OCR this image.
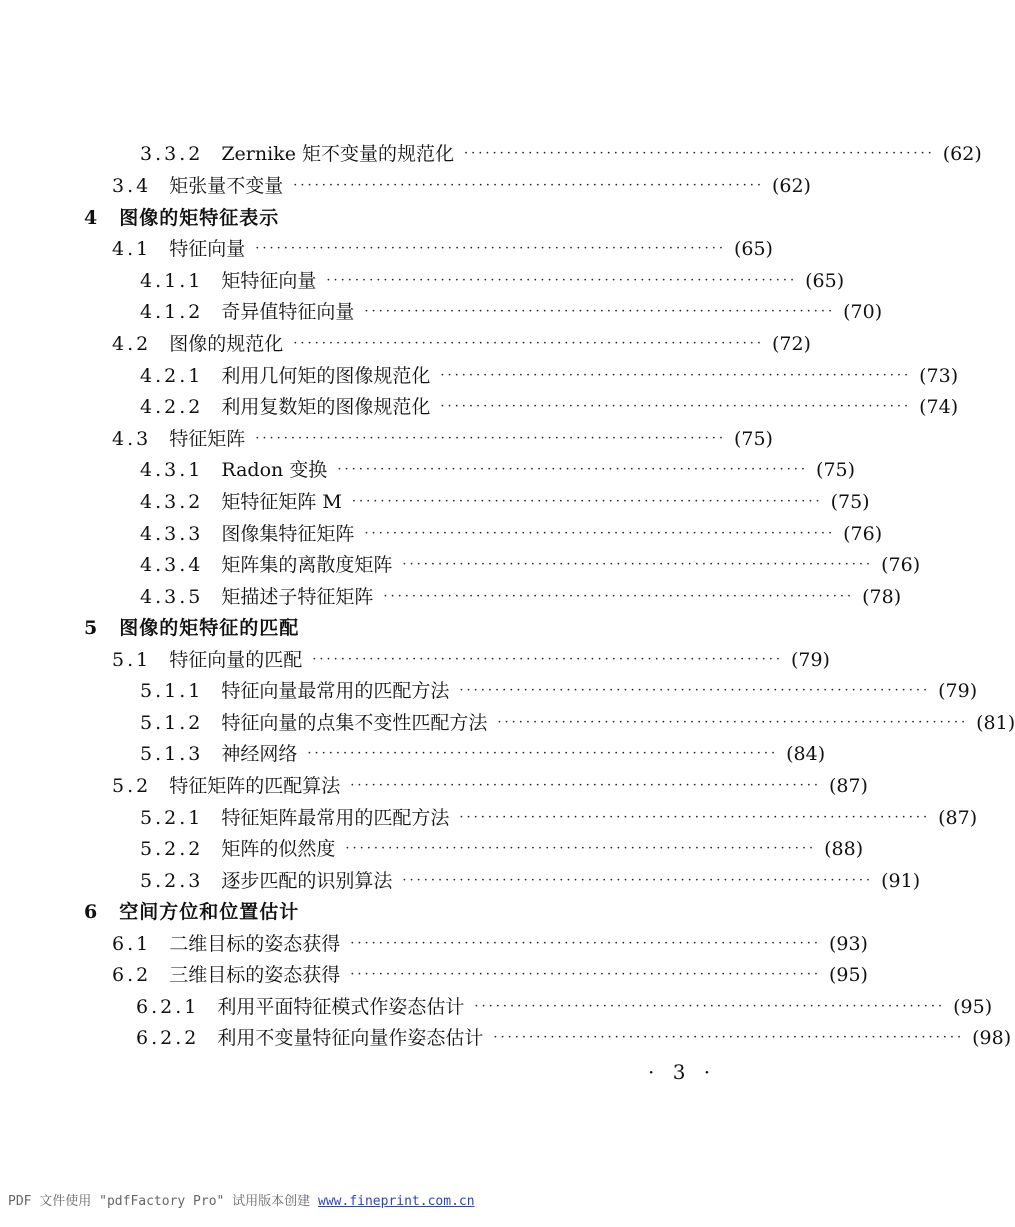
3.3.2 Zernike 矩不变量的规范化 ·································································· (62)
3.4 矩张量不变量 ·································································· (62)
4 图像的矩特征表示
4.1 特征向量 ·································································· (65)
4.1.1 矩特征向量 ·································································· (65)
4.1.2 奇异值特征向量 ·································································· (70)
4.2 图像的规范化 ·································································· (72)
4.2.1 利用几何矩的图像规范化 ·································································· (73)
4.2.2 利用复数矩的图像规范化 ·································································· (74)
4.3 特征矩阵 ·································································· (75)
4.3.1 Radon 变换 ·································································· (75)
4.3.2 矩特征矩阵 M ·································································· (75)
4.3.3 图像集特征矩阵 ·································································· (76)
4.3.4 矩阵集的离散度矩阵 ·································································· (76)
4.3.5 矩描述子特征矩阵 ·································································· (78)
5 图像的矩特征的匹配
5.1 特征向量的匹配 ·································································· (79)
5.1.1 特征向量最常用的匹配方法 ·································································· (79)
5.1.2 特征向量的点集不变性匹配方法 ·································································· (81)
5.1.3 神经网络 ·································································· (84)
5.2 特征矩阵的匹配算法 ·································································· (87)
5.2.1 特征矩阵最常用的匹配方法 ·································································· (87)
5.2.2 矩阵的似然度 ·································································· (88)
5.2.3 逐步匹配的识别算法 ·································································· (91)
6 空间方位和位置估计
6.1 二维目标的姿态获得 ·································································· (93)
6.2 三维目标的姿态获得 ·································································· (95)
6.2.1 利用平面特征模式作姿态估计 ·································································· (95)
6.2.2 利用不变量特征向量作姿态估计 ·································································· (98)
· 3 ·
PDF 文件使用 "pdfFactory Pro" 试用版本创建 www.fineprint.com.cn
